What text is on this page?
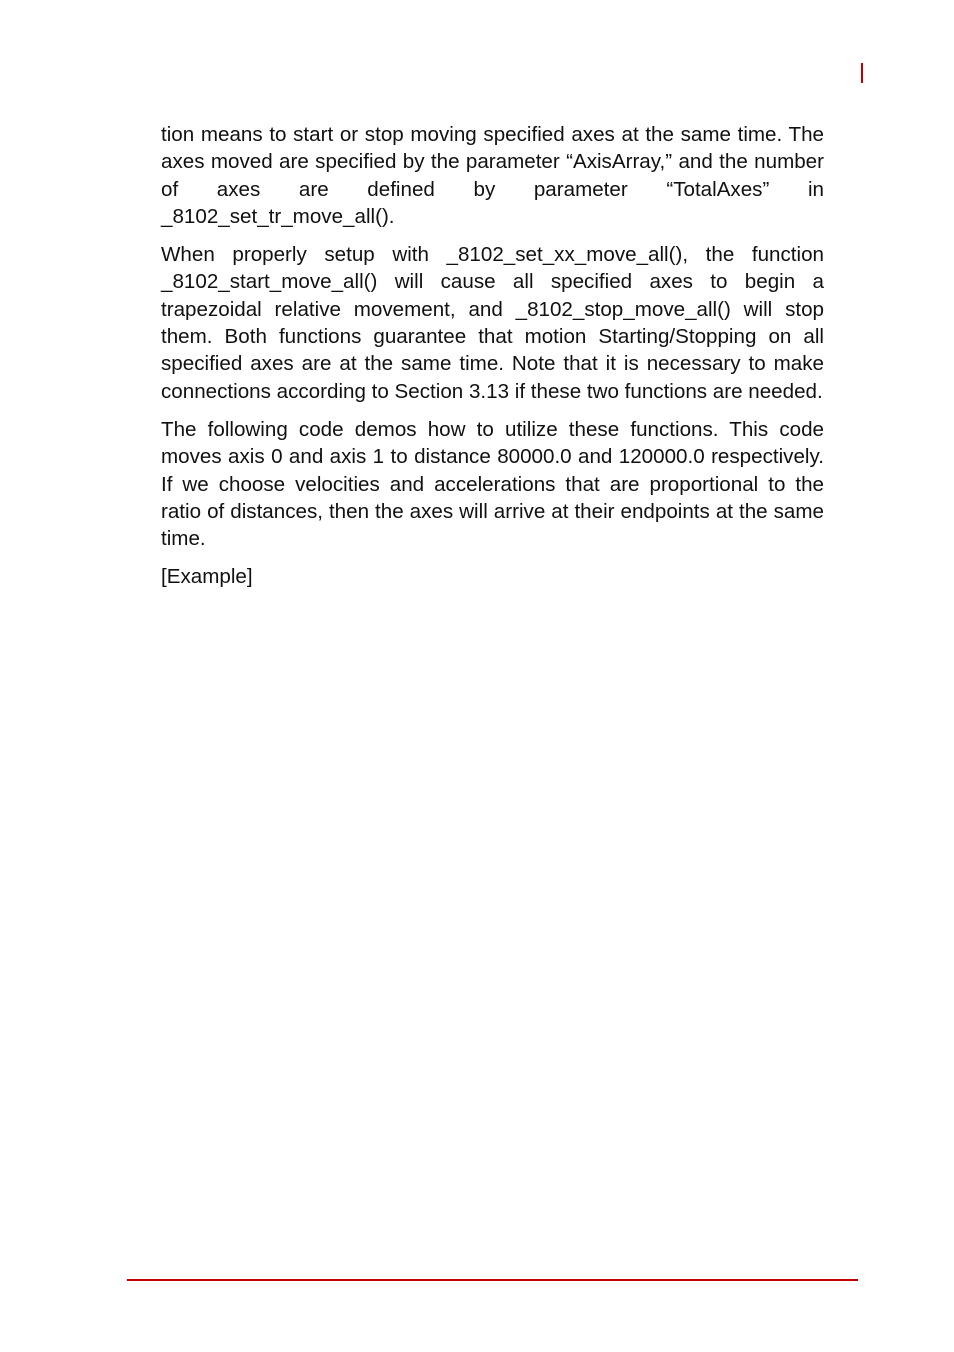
tion means to start or stop moving specified axes at the same time. The axes moved are specified by the parameter “AxisArray,” and the number of axes are defined by parameter “TotalAxes” in _8102_set_tr_move_all().

When properly setup with _8102_set_xx_move_all(), the function _8102_start_move_all() will cause all specified axes to begin a trapezoidal relative movement, and _8102_stop_move_all() will stop them. Both functions guarantee that motion Starting/Stopping on all specified axes are at the same time. Note that it is necessary to make connections according to Section 3.13 if these two functions are needed.

The following code demos how to utilize these functions. This code moves axis 0 and axis 1 to distance 80000.0 and 120000.0 respectively. If we choose velocities and accelerations that are proportional to the ratio of distances, then the axes will arrive at their endpoints at the same time.

[Example]
